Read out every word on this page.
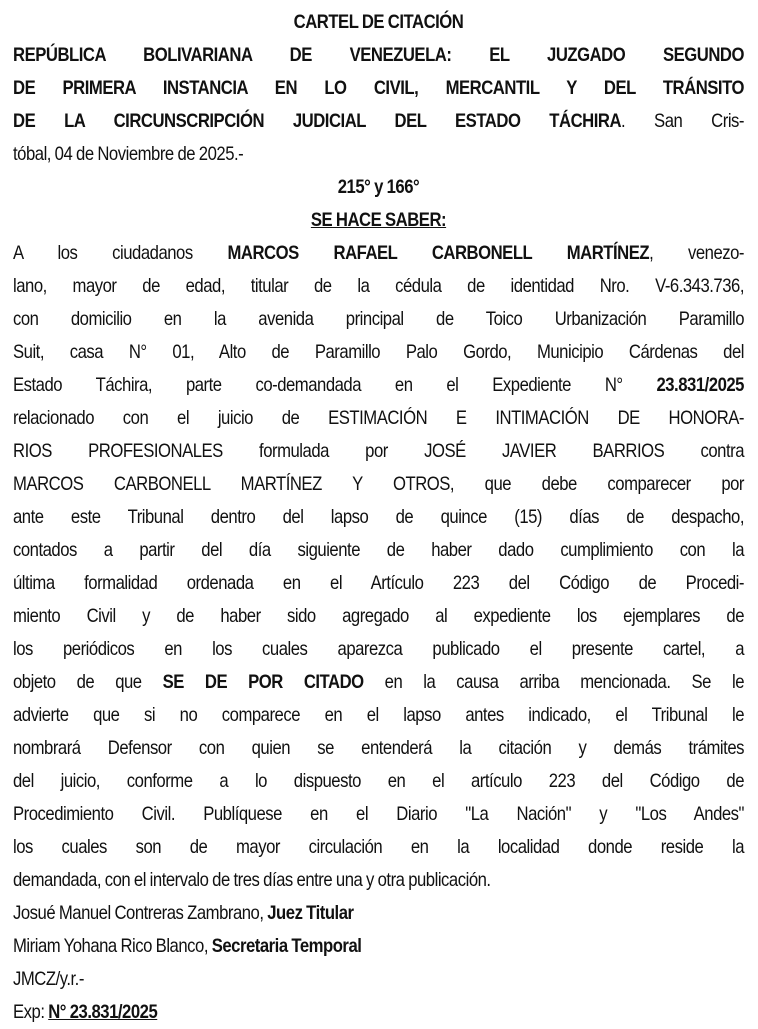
CARTEL DE CITACIÓN
REPÚBLICA BOLIVARIANA DE VENEZUELA: EL JUZGADO SEGUNDO
DE PRIMERA INSTANCIA EN LO CIVIL, MERCANTIL Y DEL TRÁNSITO
DE LA CIRCUNSCRIPCIÓN JUDICIAL DEL ESTADO TÁCHIRA. San Cris-
tóbal, 04 de Noviembre de 2025.-
215° y 166°
SE HACE SABER:
A los ciudadanos MARCOS RAFAEL CARBONELL MARTÍNEZ, venezo-
lano, mayor de edad, titular de la cédula de identidad Nro. V-6.343.736,
con domicilio en la avenida principal de Toico Urbanización Paramillo
Suit, casa N° 01, Alto de Paramillo Palo Gordo, Municipio Cárdenas del
Estado Táchira, parte co-demandada en el Expediente N° 23.831/2025
relacionado con el juicio de ESTIMACIÓN E INTIMACIÓN DE HONORA-
RIOS PROFESIONALES formulada por JOSÉ JAVIER BARRIOS contra
MARCOS CARBONELL MARTÍNEZ Y OTROS, que debe comparecer por
ante este Tribunal dentro del lapso de quince (15) días de despacho,
contados a partir del día siguiente de haber dado cumplimiento con la
última formalidad ordenada en el Artículo 223 del Código de Procedi-
miento Civil y de haber sido agregado al expediente los ejemplares de
los periódicos en los cuales aparezca publicado el presente cartel, a
objeto de que SE DE POR CITADO en la causa arriba mencionada. Se le
advierte que si no comparece en el lapso antes indicado, el Tribunal le
nombrará Defensor con quien se entenderá la citación y demás trámites
del juicio, conforme a lo dispuesto en el artículo 223 del Código de
Procedimiento Civil. Publíquese en el Diario "La Nación" y "Los Andes"
los cuales son de mayor circulación en la localidad donde reside la
demandada, con el intervalo de tres días entre una y otra publicación.
Josué Manuel Contreras Zambrano, Juez Titular
Miriam Yohana Rico Blanco, Secretaria Temporal
JMCZ/y.r.-
Exp: N° 23.831/2025
